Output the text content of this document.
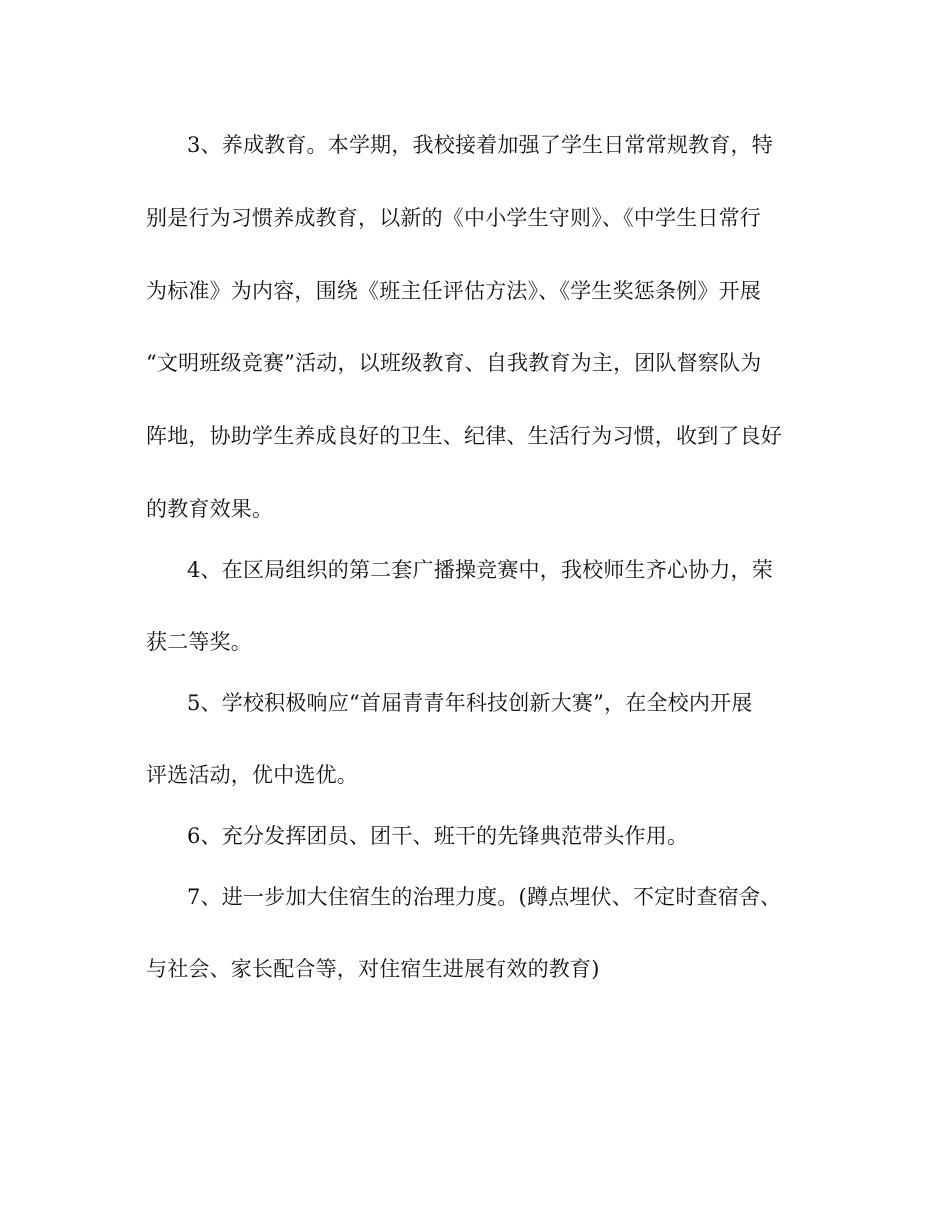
3、养成教育。本学期，我校接着加强了学生日常常规教育，特
别是行为习惯养成教育，以新的《中小学生守则》、《中学生日常行
为标准》为内容，围绕《班主任评估方法》、《学生奖惩条例》开展
“文明班级竞赛”活动，以班级教育、自我教育为主，团队督察队为
阵地，协助学生养成良好的卫生、纪律、生活行为习惯，收到了良好
的教育效果。
4、在区局组织的第二套广播操竞赛中，我校师生齐心协力，荣
获二等奖。
5、学校积极响应“首届青青年科技创新大赛”，在全校内开展
评选活动，优中选优。
6、充分发挥团员、团干、班干的先锋典范带头作用。
7、进一步加大住宿生的治理力度。(蹲点埋伏、不定时查宿舍、
与社会、家长配合等，对住宿生进展有效的教育)
